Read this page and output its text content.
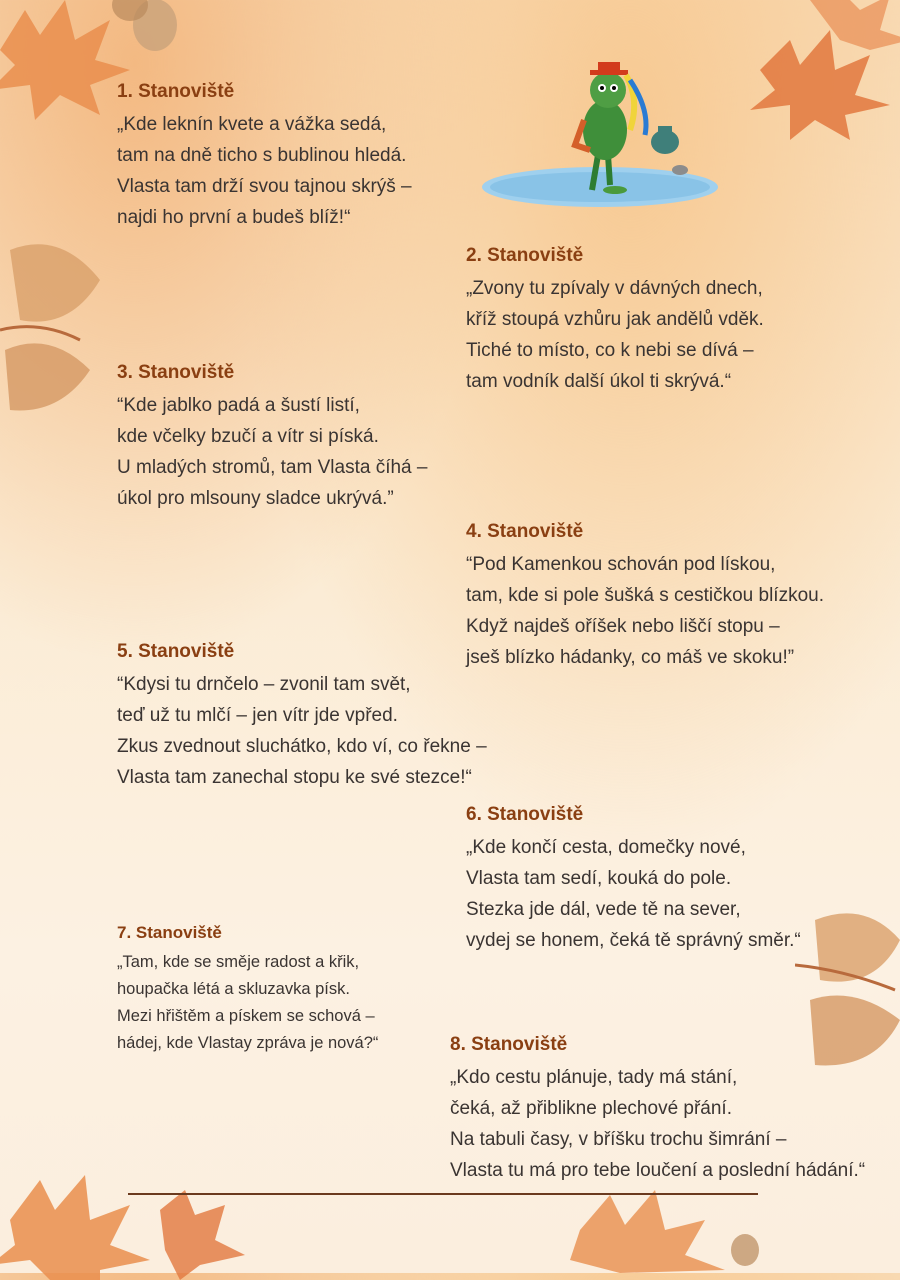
1. Stanoviště
„Kde leknín kvete a vážka sedá,
tam na dně ticho s bublinou hledá.
Vlasta tam drží svou tajnou skrýš –
najdi ho první a budeš blíž!“
2. Stanoviště
„Zvony tu zpívaly v dávných dnech,
kříž stoupá vzhůru jak andělů vděk.
Tiché to místo, co k nebi se dívá –
tam vodník další úkol ti skrývá.“
3. Stanoviště
“Kde jablko padá a šustí listí,
kde včelky bzučí a vítr si píská.
U mladých stromů, tam Vlasta číhá –
úkol pro mlsouny sladce ukrývá.”
4. Stanoviště
“Pod Kamenkou schován pod lískou,
tam, kde si pole šušká s cestičkou blízkou.
Když najdeš oříšek nebo liščí stopu –
jseš blízko hádanky, co máš ve skoku!”
5. Stanoviště
“Kdysi tu drnčelo – zvonil tam svět,
teď už tu mlčí – jen vítr jde vpřed.
Zkus zvednout sluchátko, kdo ví, co řekne –
Vlasta tam zanechal stopu ke své stezce!“
6. Stanoviště
„Kde končí cesta, domečky nové,
Vlasta tam sedí, kouká do pole.
Stezka jde dál, vede tě na sever,
vydej se honem, čeká tě správný směr.“
7. Stanoviště
„Tam, kde se směje radost a křik,
houpačka létá a skluzavka písk.
Mezi hřištěm a pískem se schová –
hádej, kde Vlastay zpráva je nová?“	8. Stanoviště
„Kdo cestu plánuje, tady má stání,
čeká, až přiblikne plechové přání.
Na tabuli časy, v bříšku trochu šimrání –
Vlasta tu má pro tebe loučení a poslední hádání.“
